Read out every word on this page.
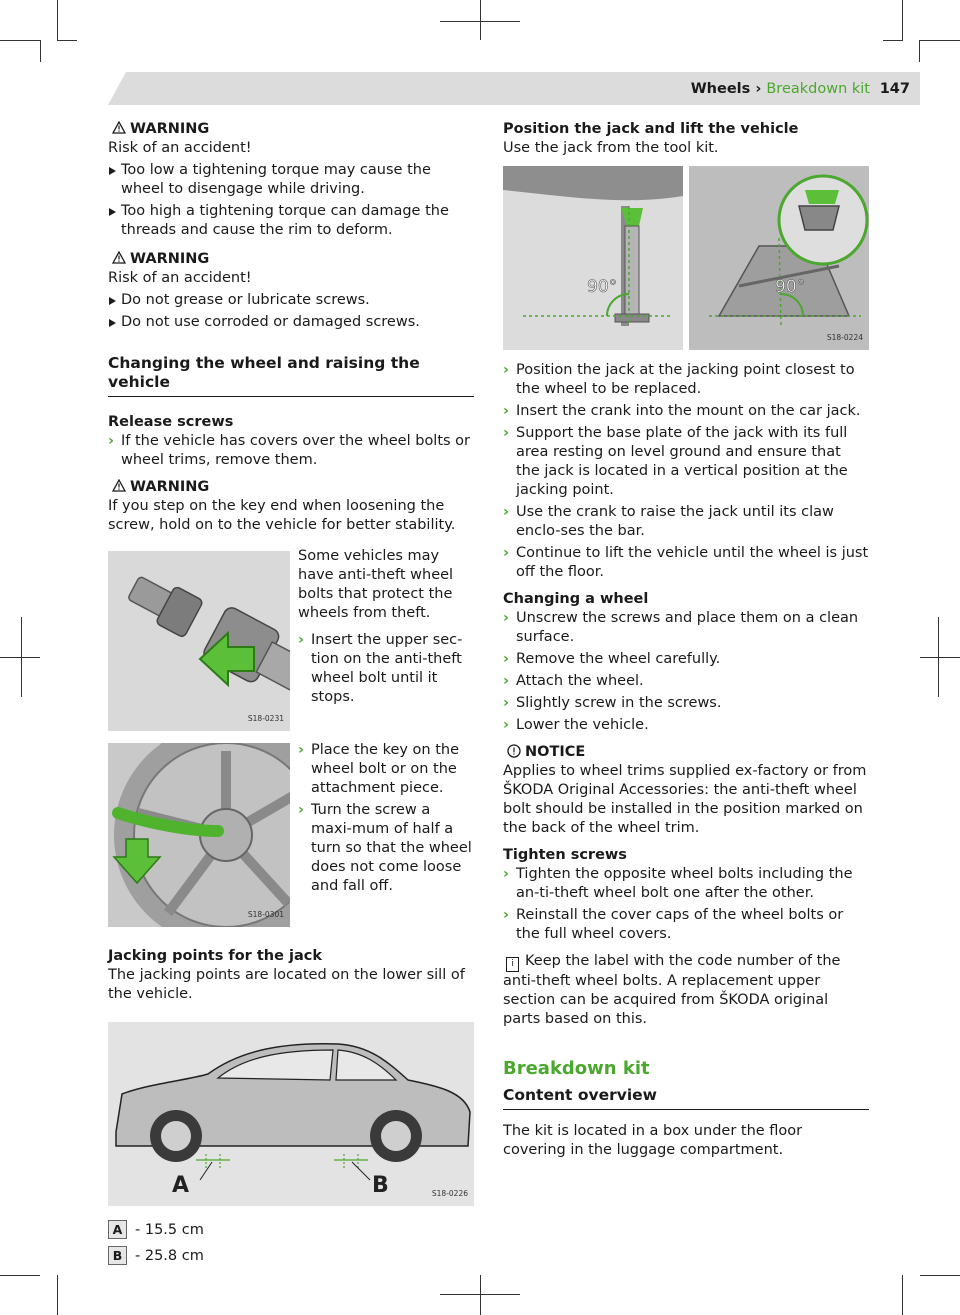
Wheels › Breakdown kit 147
WARNING
Risk of an accident!
Too low a tightening torque may cause the wheel to disengage while driving.
Too high a tightening torque can damage the threads and cause the rim to deform.
WARNING
Risk of an accident!
Do not grease or lubricate screws.
Do not use corroded or damaged screws.
Changing the wheel and raising the vehicle
Release screws
› If the vehicle has covers over the wheel bolts or wheel trims, remove them.
WARNING
If you step on the key end when loosening the screw, hold on to the vehicle for better stability.
S18-0231
Some vehicles may have anti-theft wheel bolts that protect the wheels from theft.
› Insert the upper sec-tion on the anti-theft wheel bolt until it stops.
S18-0301
› Place the key on the wheel bolt or on the attachment piece.
› Turn the screw a maxi-mum of half a turn so that the wheel does not come loose and fall off.
Jacking points for the jack
The jacking points are located on the lower sill of the vehicle.
A	B	S18-0226
A - 15.5 cm
B - 25.8 cm
Position the jack and lift the vehicle
Use the jack from the tool kit.
90°	90°
S18-0224
› Position the jack at the jacking point closest to the wheel to be replaced.
› Insert the crank into the mount on the car jack.
› Support the base plate of the jack with its full area resting on level ground and ensure that the jack is located in a vertical position at the jacking point.
› Use the crank to raise the jack until its claw enclo-ses the bar.
› Continue to lift the vehicle until the wheel is just off the floor.
Changing a wheel
› Unscrew the screws and place them on a clean surface.
› Remove the wheel carefully.
› Attach the wheel.
› Slightly screw in the screws.
› Lower the vehicle.
NOTICE
Applies to wheel trims supplied ex-factory or from ŠKODA Original Accessories: the anti-theft wheel bolt should be installed in the position marked on the back of the wheel trim.
Tighten screws
› Tighten the opposite wheel bolts including the an-ti-theft wheel bolt one after the other.
› Reinstall the cover caps of the wheel bolts or the full wheel covers.
i Keep the label with the code number of the anti-theft wheel bolts. A replacement upper section can be acquired from ŠKODA original parts based on this.
Breakdown kit
Content overview
The kit is located in a box under the floor covering in the luggage compartment.
